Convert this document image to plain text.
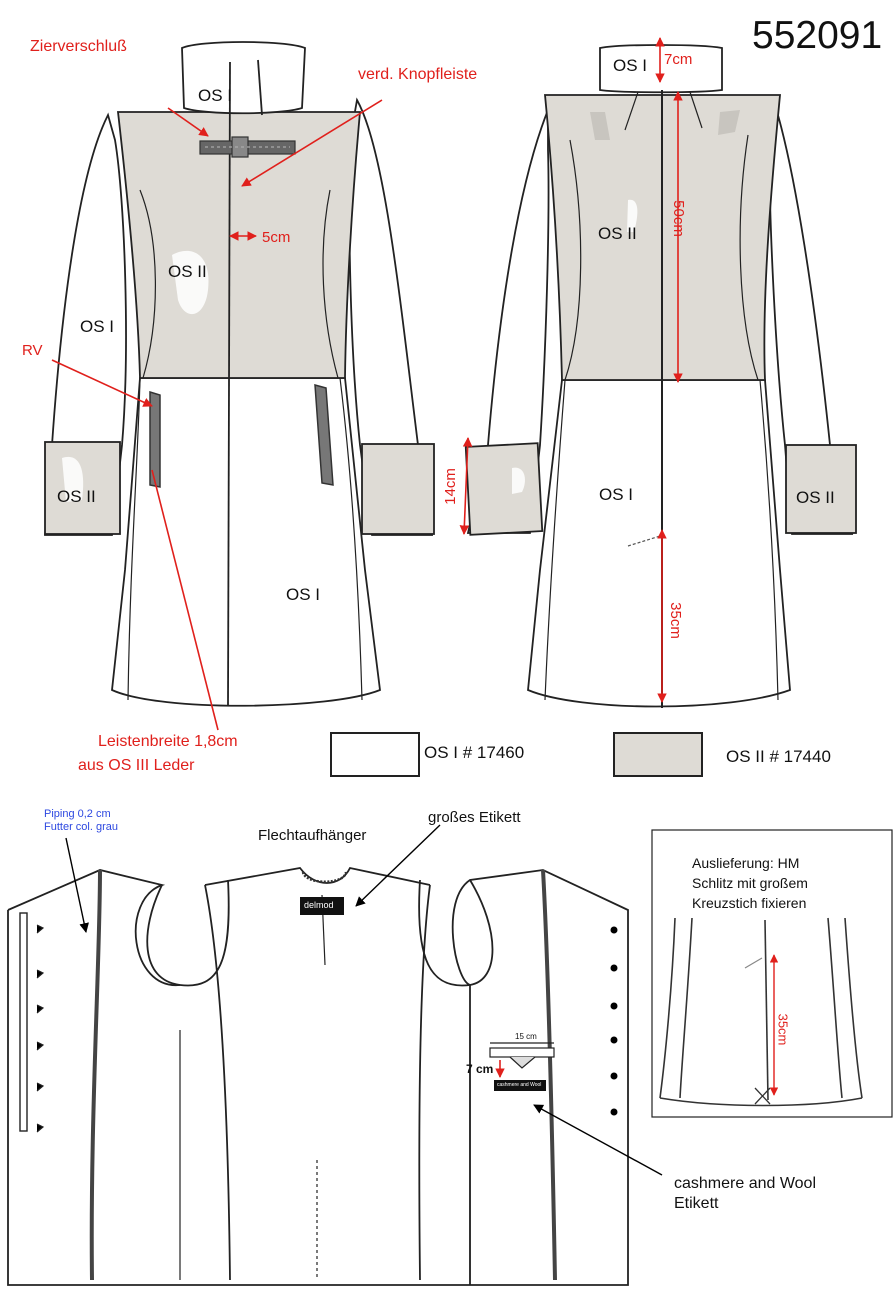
552091
Zierverschluß
verd. Knopfleiste
5cm
RV
Leistenbreite 1,8cm
aus OS III Leder
OS I
OS II
OS I
OS II
OS I
OS I
OS II
OS I	OS II
7cm
50cm
14cm
35cm
OS I # 17460	OS II # 17440
Piping 0,2 cm
Futter col. grau	Flechtaufhänger
großes Etikett
delmod
15 cm
7 cm
cashmere and Wool
cashmere and Wool
Etikett
Auslieferung: HM
Schlitz mit großem
Kreuzstich fixieren
35cm
